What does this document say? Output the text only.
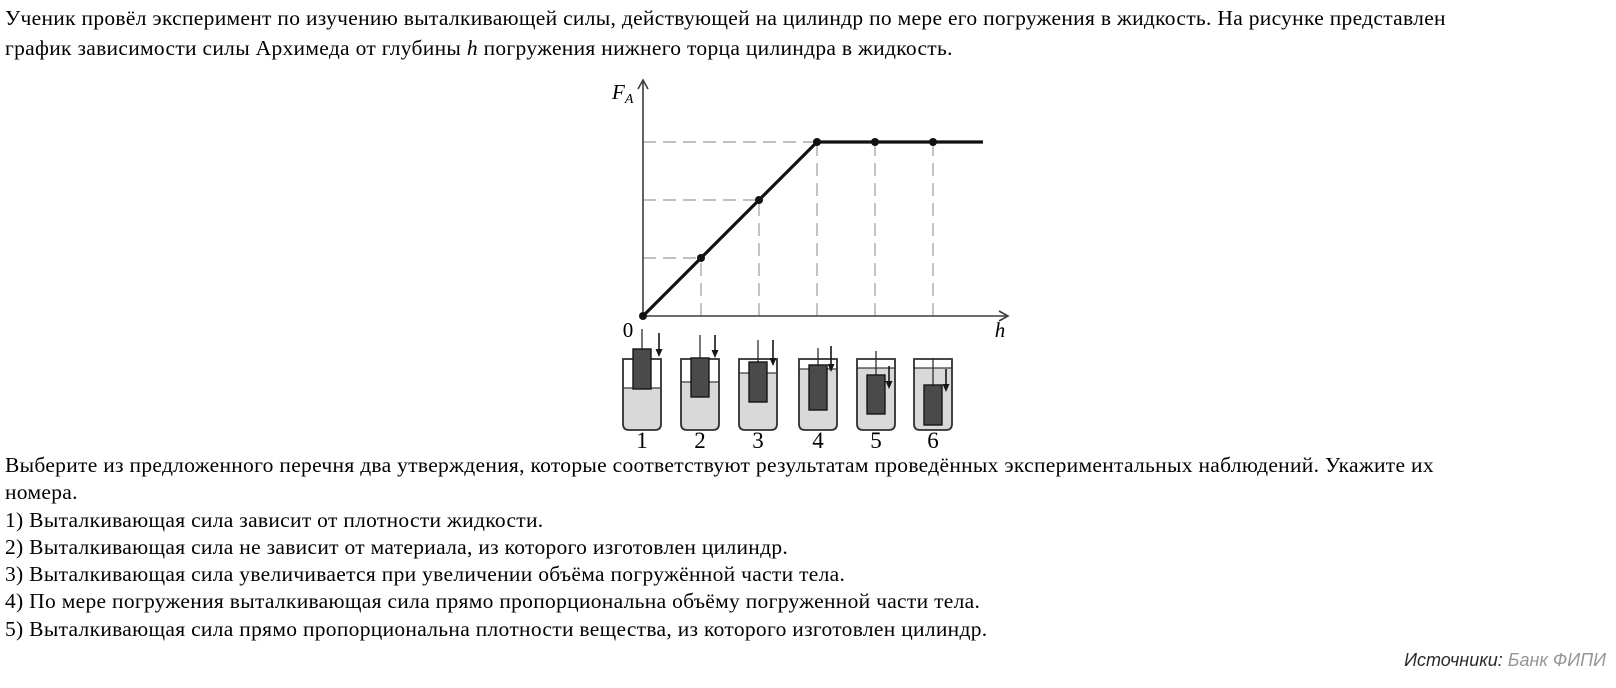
Ученик провёл эксперимент по изучению выталкивающей силы, действующей на цилиндр по мере его погружения в жидкость. На рисунке представлен
график зависимости силы Архимеда от глубины h погружения нижнего торца цилиндра в жидкость.
FA
0	h
1 2 3 4 5 6
Выберите из предложенного перечня два утверждения, которые соответствуют результатам проведённых экспериментальных наблюдений. Укажите их
номера.
1) Выталкивающая сила зависит от плотности жидкости.
2) Выталкивающая сила не зависит от материала, из которого изготовлен цилиндр.
3) Выталкивающая сила увеличивается при увеличении объёма погружённой части тела.
4) По мере погружения выталкивающая сила прямо пропорциональна объёму погруженной части тела.
5) Выталкивающая сила прямо пропорциональна плотности вещества, из которого изготовлен цилиндр.
Источники: Банк ФИПИ
